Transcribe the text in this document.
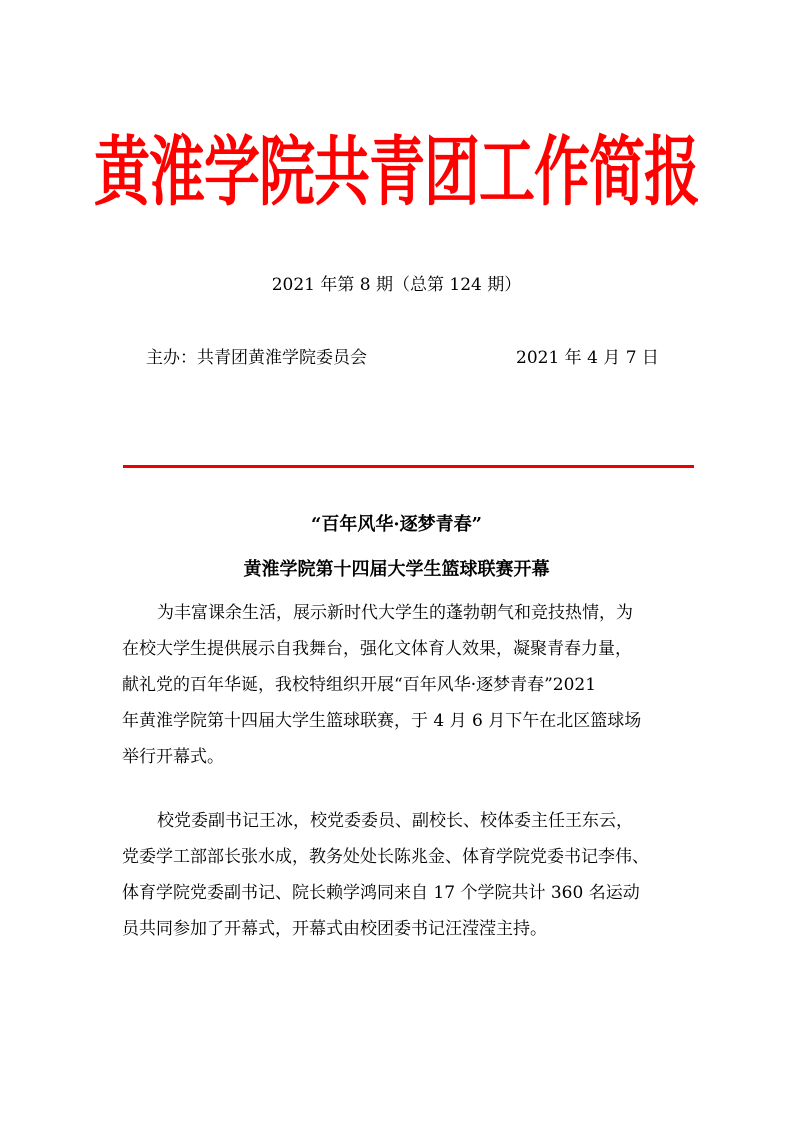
黄淮学院共青团工作简报
2021 年第 8 期（总第 124 期）
主办：共青团黄淮学院委员会	2021 年 4 月 7 日
“百年风华·逐梦青春”
黄淮学院第十四届大学生篮球联赛开幕
为丰富课余生活，展示新时代大学生的蓬勃朝气和竞技热情，为
在校大学生提供展示自我舞台，强化文体育人效果，凝聚青春力量，
献礼党的百年华诞，我校特组织开展“百年风华·逐梦青春”2021
年黄淮学院第十四届大学生篮球联赛，于 4 月 6 月下午在北区篮球场
举行开幕式。
校党委副书记王冰，校党委委员、副校长、校体委主任王东云，
党委学工部部长张水成，教务处处长陈兆金、体育学院党委书记李伟、
体育学院党委副书记、院长赖学鸿同来自 17 个学院共计 360 名运动
员共同参加了开幕式，开幕式由校团委书记汪滢滢主持。
